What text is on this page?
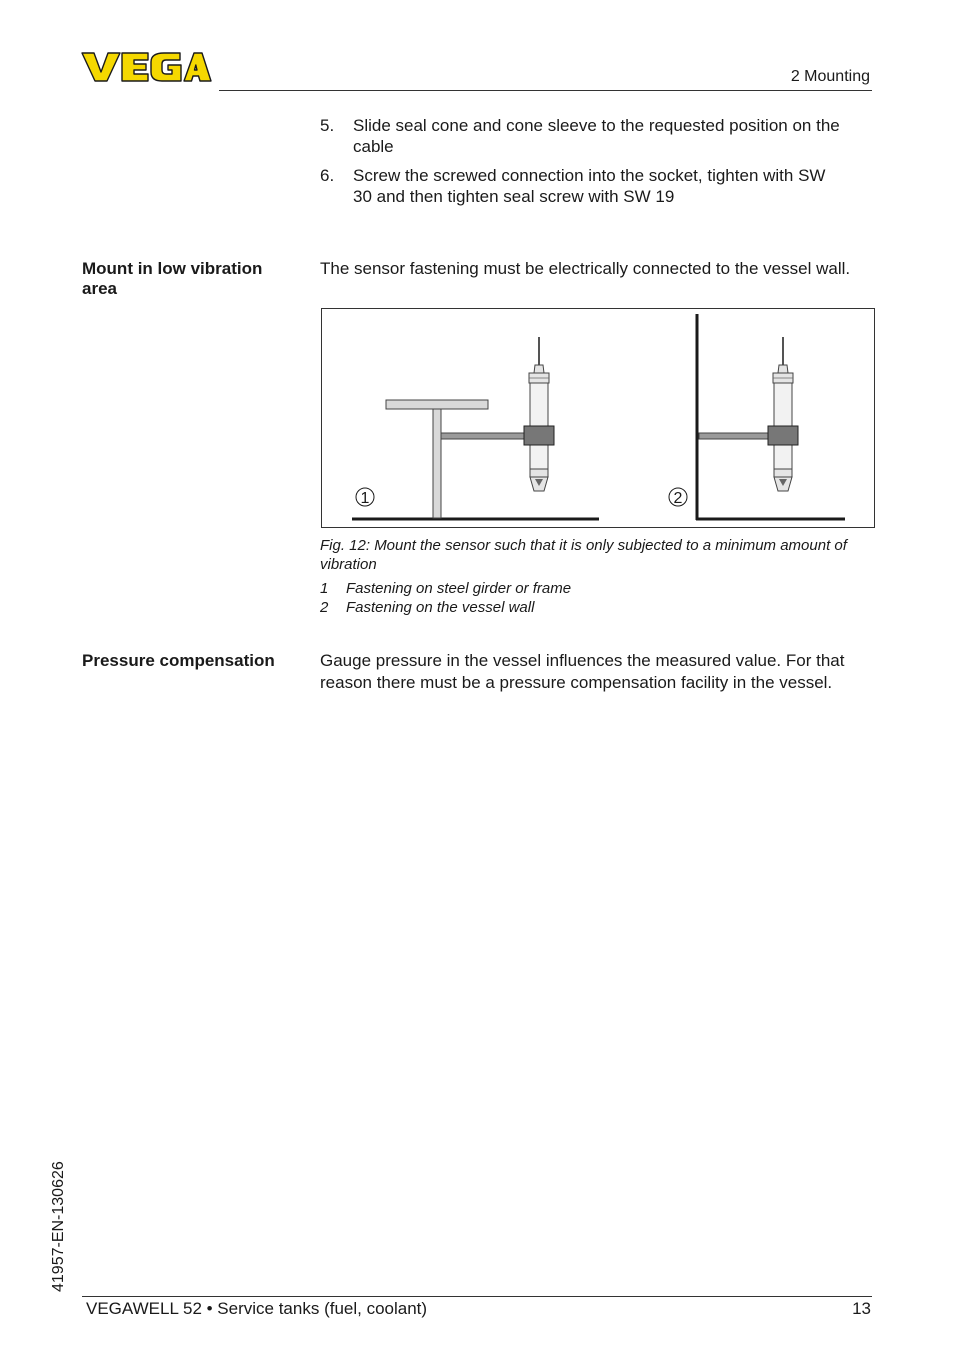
2 Mounting
5. Slide seal cone and cone sleeve to the requested position on the cable
6. Screw the screwed connection into the socket, tighten with SW 30 and then tighten seal screw with SW 19
Mount in low vibration area
The sensor fastening must be electrically connected to the vessel wall.
1	2
Fig. 12: Mount the sensor such that it is only subjected to a minimum amount of vibration
1 Fastening on steel girder or frame
2 Fastening on the vessel wall
Pressure compensation	Gauge pressure in the vessel influences the measured value. For that reason there must be a pressure compensation facility in the vessel.
41957-EN-130626
VEGAWELL 52 • Service tanks (fuel, coolant)	13
